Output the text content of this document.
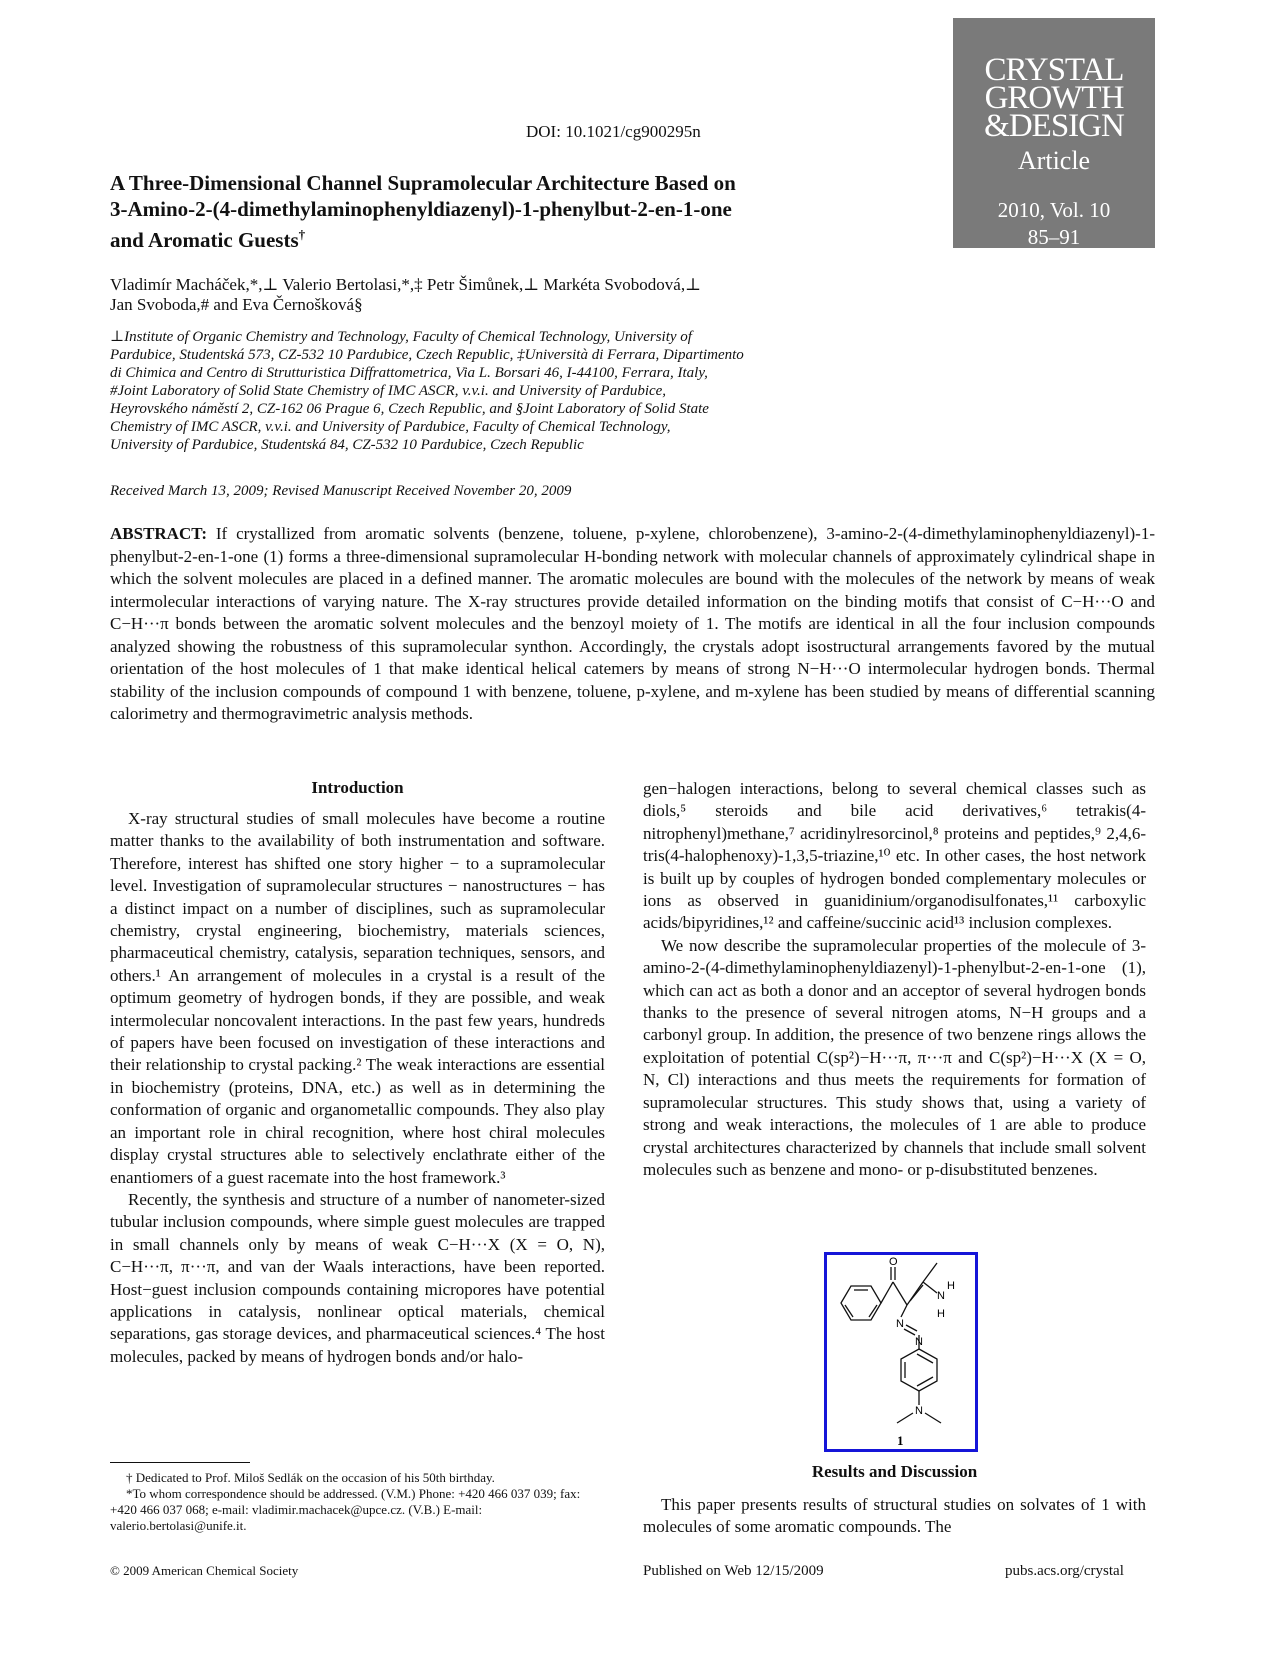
CRYSTAL
GROWTH
&DESIGN
Article
2010, Vol. 10
85–91
DOI: 10.1021/cg900295n
A Three-Dimensional Channel Supramolecular Architecture Based on
3-Amino-2-(4-dimethylaminophenyldiazenyl)-1-phenylbut-2-en-1-one
and Aromatic Guests†
Vladimír Macháček,*,⊥ Valerio Bertolasi,*,‡ Petr Šimůnek,⊥ Markéta Svobodová,⊥
Jan Svoboda,# and Eva Černošková§
⊥Institute of Organic Chemistry and Technology, Faculty of Chemical Technology, University of
Pardubice, Studentská 573, CZ-532 10 Pardubice, Czech Republic, ‡Università di Ferrara, Dipartimento
di Chimica and Centro di Strutturistica Diffrattometrica, Via L. Borsari 46, I-44100, Ferrara, Italy,
#Joint Laboratory of Solid State Chemistry of IMC ASCR, v.v.i. and University of Pardubice,
Heyrovského náměstí 2, CZ-162 06 Prague 6, Czech Republic, and §Joint Laboratory of Solid State
Chemistry of IMC ASCR, v.v.i. and University of Pardubice, Faculty of Chemical Technology,
University of Pardubice, Studentská 84, CZ-532 10 Pardubice, Czech Republic
Received March 13, 2009; Revised Manuscript Received November 20, 2009
ABSTRACT: If crystallized from aromatic solvents (benzene, toluene, p-xylene, chlorobenzene), 3-amino-2-(4-dimethylaminophenyldiazenyl)-1-phenylbut-2-en-1-one (1) forms a three-dimensional supramolecular H-bonding network with molecular channels of approximately cylindrical shape in which the solvent molecules are placed in a defined manner. The aromatic molecules are bound with the molecules of the network by means of weak intermolecular interactions of varying nature. The X-ray structures provide detailed information on the binding motifs that consist of C−H···O and C−H···π bonds between the aromatic solvent molecules and the benzoyl moiety of 1. The motifs are identical in all the four inclusion compounds analyzed showing the robustness of this supramolecular synthon. Accordingly, the crystals adopt isostructural arrangements favored by the mutual orientation of the host molecules of 1 that make identical helical catemers by means of strong N−H···O intermolecular hydrogen bonds. Thermal stability of the inclusion compounds of compound 1 with benzene, toluene, p-xylene, and m-xylene has been studied by means of differential scanning calorimetry and thermogravimetric analysis methods.
Introduction

X-ray structural studies of small molecules have become a routine matter thanks to the availability of both instrumentation and software. Therefore, interest has shifted one story higher − to a supramolecular level. Investigation of supramolecular structures − nanostructures − has a distinct impact on a number of disciplines, such as supramolecular chemistry, crystal engineering, biochemistry, materials sciences, pharmaceutical chemistry, catalysis, separation techniques, sensors, and others.¹ An arrangement of molecules in a crystal is a result of the optimum geometry of hydrogen bonds, if they are possible, and weak intermolecular noncovalent interactions. In the past few years, hundreds of papers have been focused on investigation of these interactions and their relationship to crystal packing.² The weak interactions are essential in biochemistry (proteins, DNA, etc.) as well as in determining the conformation of organic and organometallic compounds. They also play an important role in chiral recognition, where host chiral molecules display crystal structures able to selectively enclathrate either of the enantiomers of a guest racemate into the host framework.³

Recently, the synthesis and structure of a number of nanometer-sized tubular inclusion compounds, where simple guest molecules are trapped in small channels only by means of weak C−H···X (X = O, N), C−H···π, π···π, and van der Waals interactions, have been reported. Host−guest inclusion compounds containing micropores have potential applications in catalysis, nonlinear optical materials, chemical separations, gas storage devices, and pharmaceutical sciences.⁴ The host molecules, packed by means of hydrogen bonds and/or halo-

gen−halogen interactions, belong to several chemical classes such as diols,⁵ steroids and bile acid derivatives,⁶ tetrakis(4-nitrophenyl)methane,⁷ acridinylresorcinol,⁸ proteins and peptides,⁹ 2,4,6-tris(4-halophenoxy)-1,3,5-triazine,¹⁰ etc. In other cases, the host network is built up by couples of hydrogen bonded complementary molecules or ions as observed in guanidinium/organodisulfonates,¹¹ carboxylic acids/bipyridines,¹² and caffeine/succinic acid¹³ inclusion complexes.

We now describe the supramolecular properties of the molecule of 3-amino-2-(4-dimethylaminophenyldiazenyl)-1-phenylbut-2-en-1-one (1), which can act as both a donor and an acceptor of several hydrogen bonds thanks to the presence of several nitrogen atoms, N−H groups and a carbonyl group. In addition, the presence of two benzene rings allows the exploitation of potential C(sp²)−H···π, π···π and C(sp²)−H···X (X = O, N, Cl) interactions and thus meets the requirements for formation of supramolecular structures. This study shows that, using a variety of strong and weak interactions, the molecules of 1 are able to produce crystal architectures characterized by channels that include small solvent molecules such as benzene and mono- or p-disubstituted benzenes.

O
N
H
H
N
N
N
1
Results and Discussion

This paper presents results of structural studies on solvates of 1 with molecules of some aromatic compounds. The

† Dedicated to Prof. Miloš Sedlák on the occasion of his 50th birthday.

*To whom correspondence should be addressed. (V.M.) Phone: +420 466 037 039; fax: +420 466 037 068; e-mail: vladimir.machacek@upce.cz. (V.B.) E-mail: valerio.bertolasi@unife.it.

© 2009 American Chemical Society	Published on Web 12/15/2009	pubs.acs.org/crystal
